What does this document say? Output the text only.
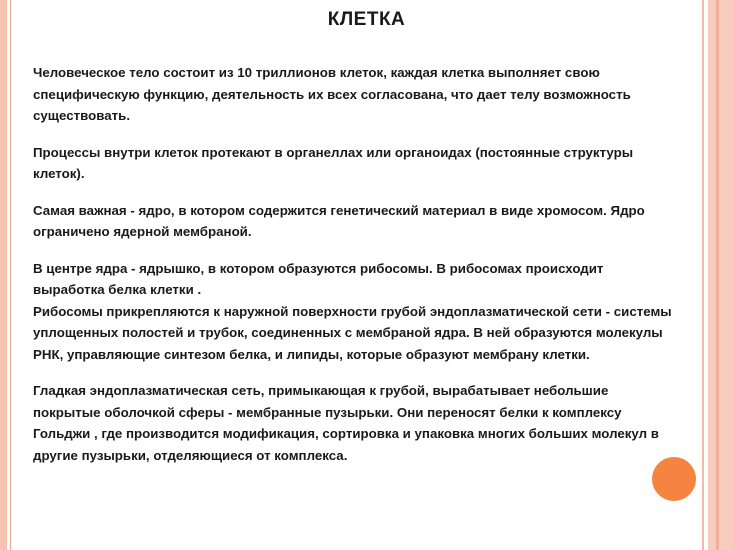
КЛЕТКА

Человеческое тело состоит из 10 триллионов клеток, каждая клетка выполняет свою специфическую функцию, деятельность их всех согласована, что дает телу возможность существовать.

Процессы внутри клеток протекают в органеллах или органоидах (постоянные структуры клеток).

Самая важная - ядро, в котором содержится генетический материал в виде хромосом. Ядро ограничено ядерной мембраной.

В центре ядра - ядрышко, в котором образуются рибосомы. В рибосомах происходит выработка белка клетки .

Рибосомы прикрепляются к наружной поверхности грубой эндоплазматической сети - системы уплощенных полостей и трубок, соединенных с мембраной ядра. В ней образуются молекулы РНК, управляющие синтезом белка, и липиды, которые образуют мембрану клетки.

Гладкая эндоплазматическая сеть, примыкающая к грубой, вырабатывает небольшие покрытые оболочкой сферы - мембранные пузырьки. Они переносят белки к комплексу Гольджи , где производится модификация, сортировка и упаковка многих больших молекул в другие пузырьки, отделяющиеся от комплекса.
